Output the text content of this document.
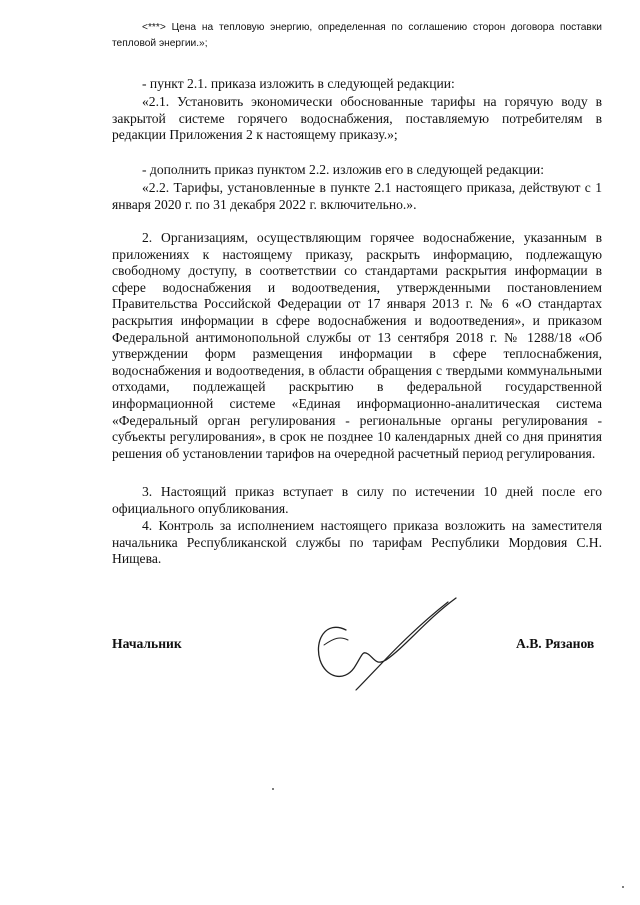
<***> Цена на тепловую энергию, определенная по соглашению сторон договора поставки тепловой энергии.»;

- пункт 2.1. приказа изложить в следующей редакции:

«2.1. Установить экономически обоснованные тарифы на горячую воду в закрытой системе горячего водоснабжения, поставляемую потребителям в редакции Приложения 2 к настоящему приказу.»;

- дополнить приказ пунктом 2.2. изложив его в следующей редакции:

«2.2. Тарифы, установленные в пункте 2.1 настоящего приказа, действуют с 1 января 2020 г. по 31 декабря 2022 г. включительно.».

2. Организациям, осуществляющим горячее водоснабжение, указанным в приложениях к настоящему приказу, раскрыть информацию, подлежащую свободному доступу, в соответствии со стандартами раскрытия информации в сфере водоснабжения и водоотведения, утвержденными постановлением Правительства Российской Федерации от 17 января 2013 г. № 6 «О стандартах раскрытия информации в сфере водоснабжения и водоотведения», и приказом Федеральной антимонопольной службы от 13 сентября 2018 г. № 1288/18 «Об утверждении форм размещения информации в сфере теплоснабжения, водоснабжения и водоотведения, в области обращения с твердыми коммунальными отходами, подлежащей раскрытию в федеральной государственной информационной системе «Единая информационно-аналитическая система «Федеральный орган регулирования - региональные органы регулирования - субъекты регулирования», в срок не позднее 10 календарных дней со дня принятия решения об установлении тарифов на очередной расчетный период регулирования.

3. Настоящий приказ вступает в силу по истечении 10 дней после его официального опубликования.

4. Контроль за исполнением настоящего приказа возложить на заместителя начальника Республиканской службы по тарифам Республики Мордовия С.Н. Нищева.

Начальник	А.В. Рязанов
